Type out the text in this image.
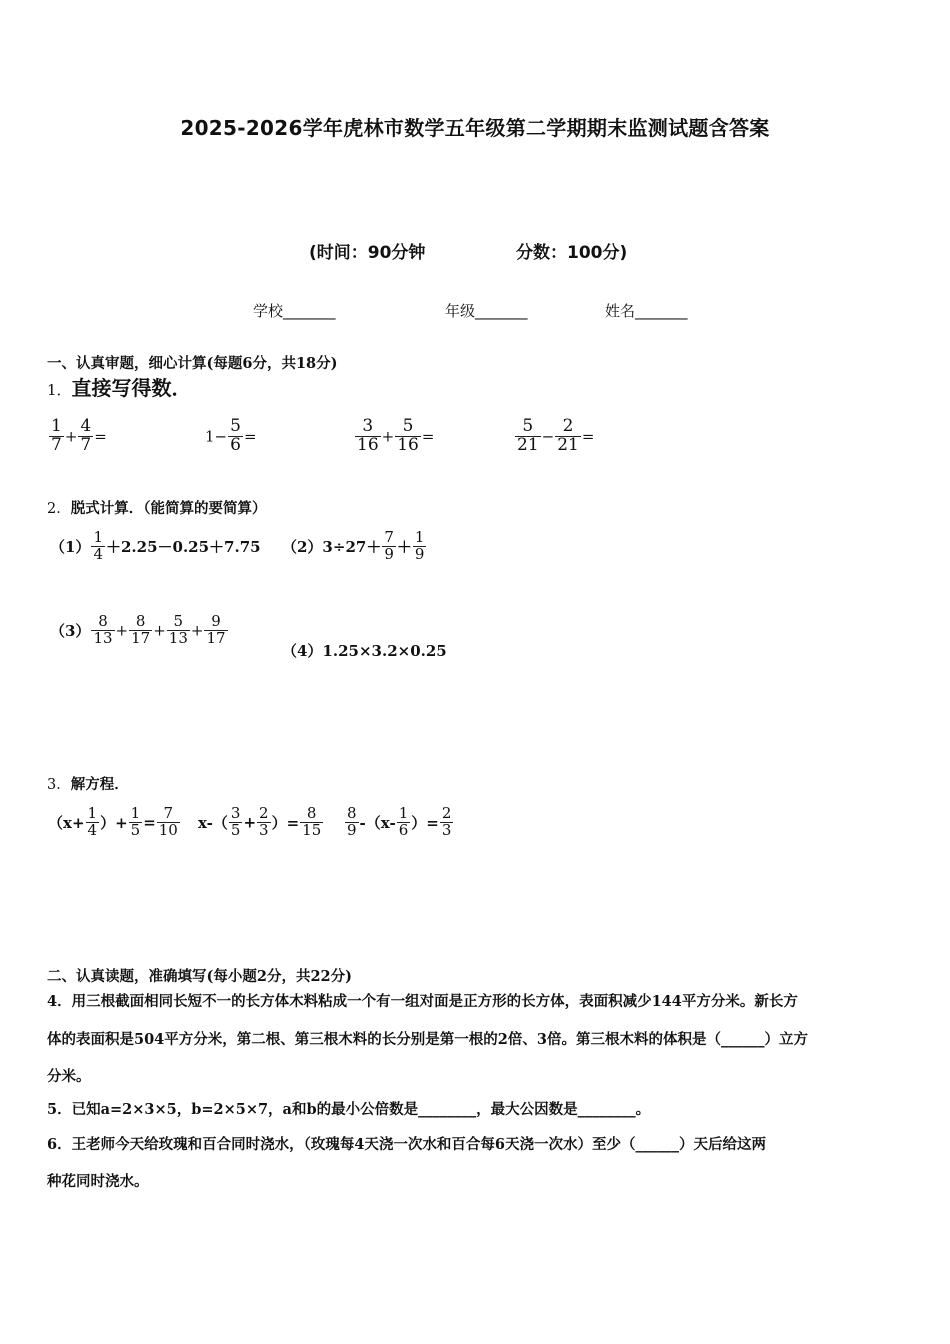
2025-2026学年虎林市数学五年级第二学期期末监测试题含答案
(时间：90分钟	分数：100分)
学校_______	年级_______	姓名_______
一、认真审题，细心计算(每题6分，共18分)
1．直接写得数．
$\frac{1}{7} + \frac{4}{7}$ =	$1- \frac{5}{6}$ =	$\frac{3}{16} + \frac{5}{16}$ =	$\frac{5}{21} - \frac{2}{21}$ =
2．脱式计算．（能简算的要简算）
$(1) \frac{1}{4} +2.25-0.25+7.75$ $(2)3\div 27+ \frac{7}{9} + \frac{1}{9}$
$(3) \frac{8}{13} + \frac{8}{17} + \frac{5}{13} + \frac{9}{17}$
（4）1.25×3.2×0.25
3．解方程．
（$x+ \frac{1}{4}$ ）+ $\frac{1}{5} = \frac{7}{10} x-( \frac{3}{5} + \frac{2}{3}$ ）= $\frac{8}{15} \frac{8}{9} -(x- \frac{1}{6}$ ）= $\frac{2}{3}$
二、认真读题，准确填写(每小题2分，共22分)
4．用三根截面相同长短不一的长方体木料粘成一个有一组对面是正方形的长方体，表面积减少144平方分米。新长方
体的表面积是504平方分米，第二根、第三根木料的长分别是第一根的2倍、3倍。第三根木料的体积是（______）立方
分米。
5．已知a=2×3×5，b=2×5×7，a和b的最小公倍数是________，最大公因数是________。
6．王老师今天给玫瑰和百合同时浇水，（玫瑰每4天浇一次水和百合每6天浇一次水）至少（______）天后给这两
种花同时浇水。
